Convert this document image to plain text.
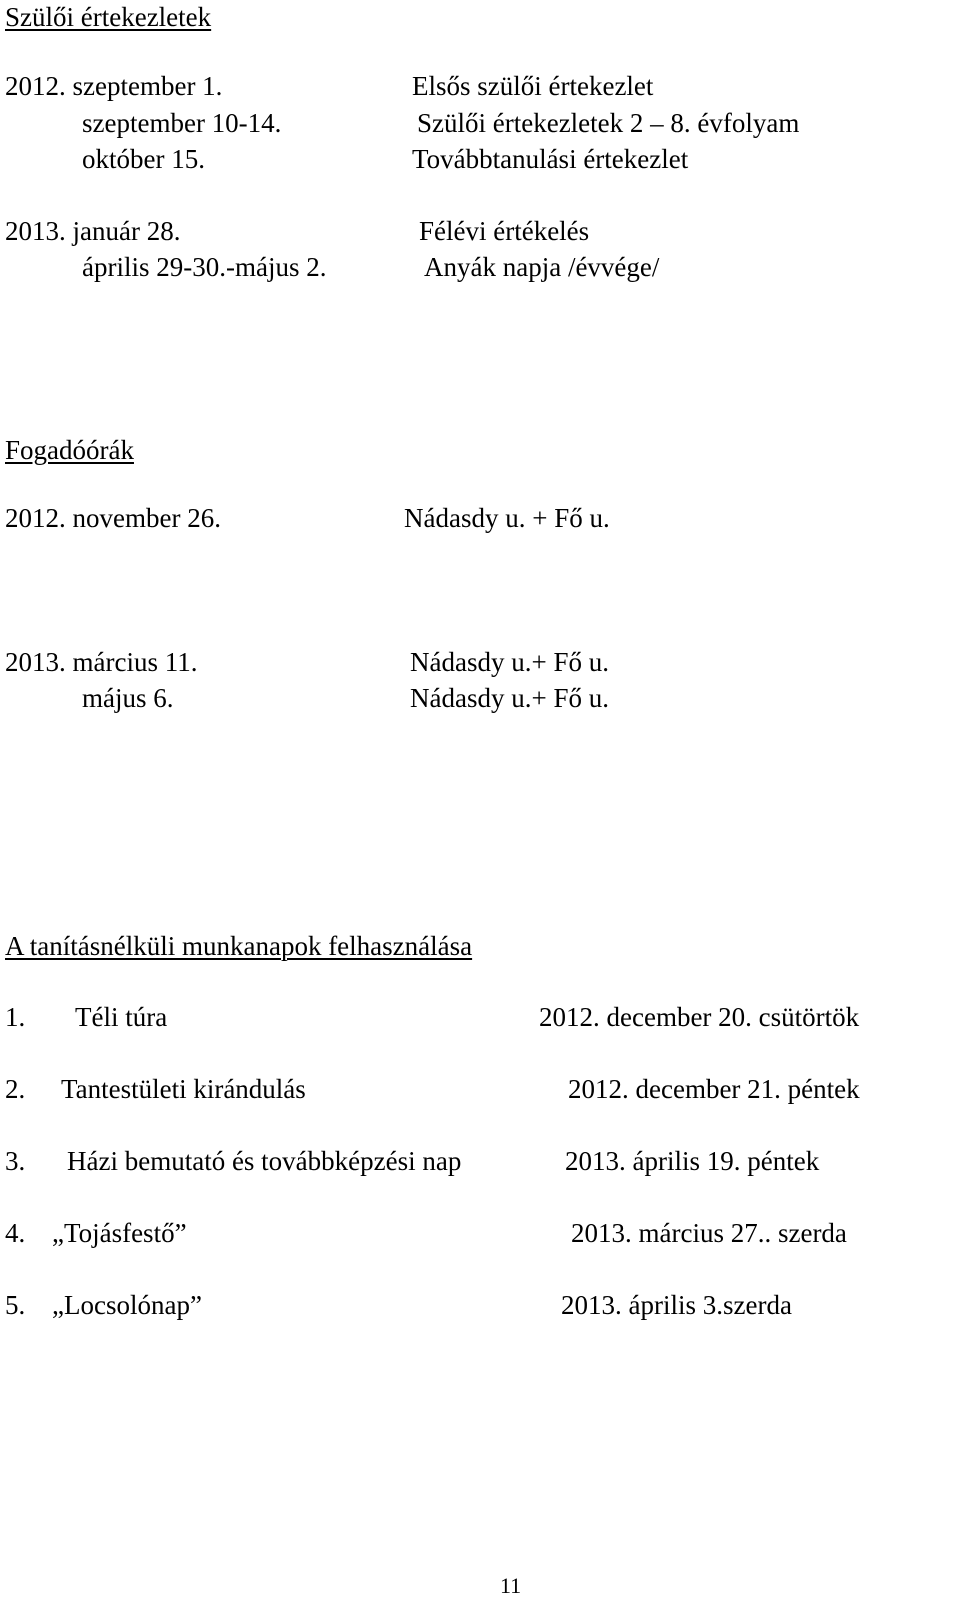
Szülői értekezletek
2012. szeptember 1.	Elsős szülői értekezlet
szeptember 10-14.	Szülői értekezletek 2 – 8. évfolyam
október 15.	Továbbtanulási értekezlet
2013. január 28.	Félévi értékelés
április 29-30.-május 2.	Anyák napja /évvége/
Fogadóórák
2012. november 26.	Nádasdy u. + Fő u.
2013. március 11.	Nádasdy u.+ Fő u.
május 6.	Nádasdy u.+ Fő u.
A tanításnélküli munkanapok felhasználása
1. Téli túra	2012. december 20. csütörtök
2. Tantestületi kirándulás	2012. december 21. péntek
3. Házi bemutató és továbbképzési nap	2013. április 19. péntek
4. „Tojásfestő”	2013. március 27.. szerda
5. „Locsolónap”	2013. április 3.szerda
11
